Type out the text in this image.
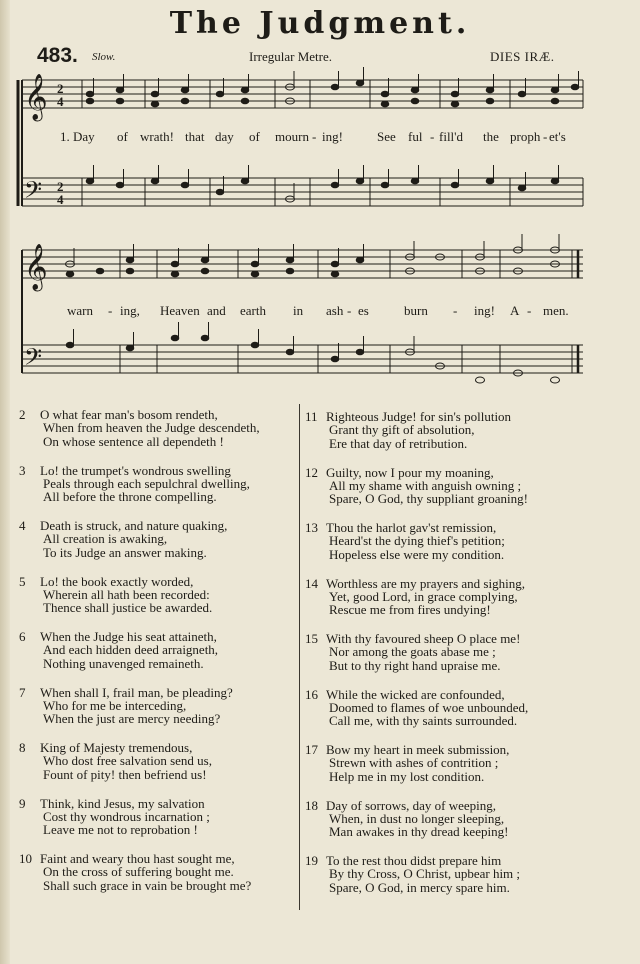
The Judgment.
483. Slow.	Irregular Metre.	DIES IRÆ.
𝄞
𝄢
2
4
2
4
1. Day of wrath! that day of mourn - ing!	See ful - fill'd the proph - et's
𝄞
𝄢
warn - ing, Heaven and earth in ash - es	burn - ing! A - men.
2	O what fear man's bosom rendeth,
When from heaven the Judge descendeth,
On whose sentence all dependeth !
3	Lo! the trumpet's wondrous swelling
Peals through each sepulchral dwelling,
All before the throne compelling.
4	Death is struck, and nature quaking,
All creation is awaking,
To its Judge an answer making.
5	Lo! the book exactly worded,
Wherein all hath been recorded:
Thence shall justice be awarded.
6	When the Judge his seat attaineth,
And each hidden deed arraigneth,
Nothing unavenged remaineth.
7	When shall I, frail man, be pleading?
Who for me be interceding,
When the just are mercy needing?
8	King of Majesty tremendous,
Who dost free salvation send us,
Fount of pity! then befriend us!
9	Think, kind Jesus, my salvation
Cost thy wondrous incarnation ;
Leave me not to reprobation !
10 Faint and weary thou hast sought me,
On the cross of suffering bought me.
Shall such grace in vain be brought me?
11 Righteous Judge! for sin's pollution
Grant thy gift of absolution,
Ere that day of retribution.
12 Guilty, now I pour my moaning,
All my shame with anguish owning ;
Spare, O God, thy suppliant groaning!
13 Thou the harlot gav'st remission,
Heard'st the dying thief's petition;
Hopeless else were my condition.
14 Worthless are my prayers and sighing,
Yet, good Lord, in grace complying,
Rescue me from fires undying!
15 With thy favoured sheep O place me!
Nor among the goats abase me ;
But to thy right hand upraise me.
16 While the wicked are confounded,
Doomed to flames of woe unbounded,
Call me, with thy saints surrounded.
17 Bow my heart in meek submission,
Strewn with ashes of contrition ;
Help me in my lost condition.
18 Day of sorrows, day of weeping,
When, in dust no longer sleeping,
Man awakes in thy dread keeping!
19 To the rest thou didst prepare him
By thy Cross, O Christ, upbear him ;
Spare, O God, in mercy spare him.
